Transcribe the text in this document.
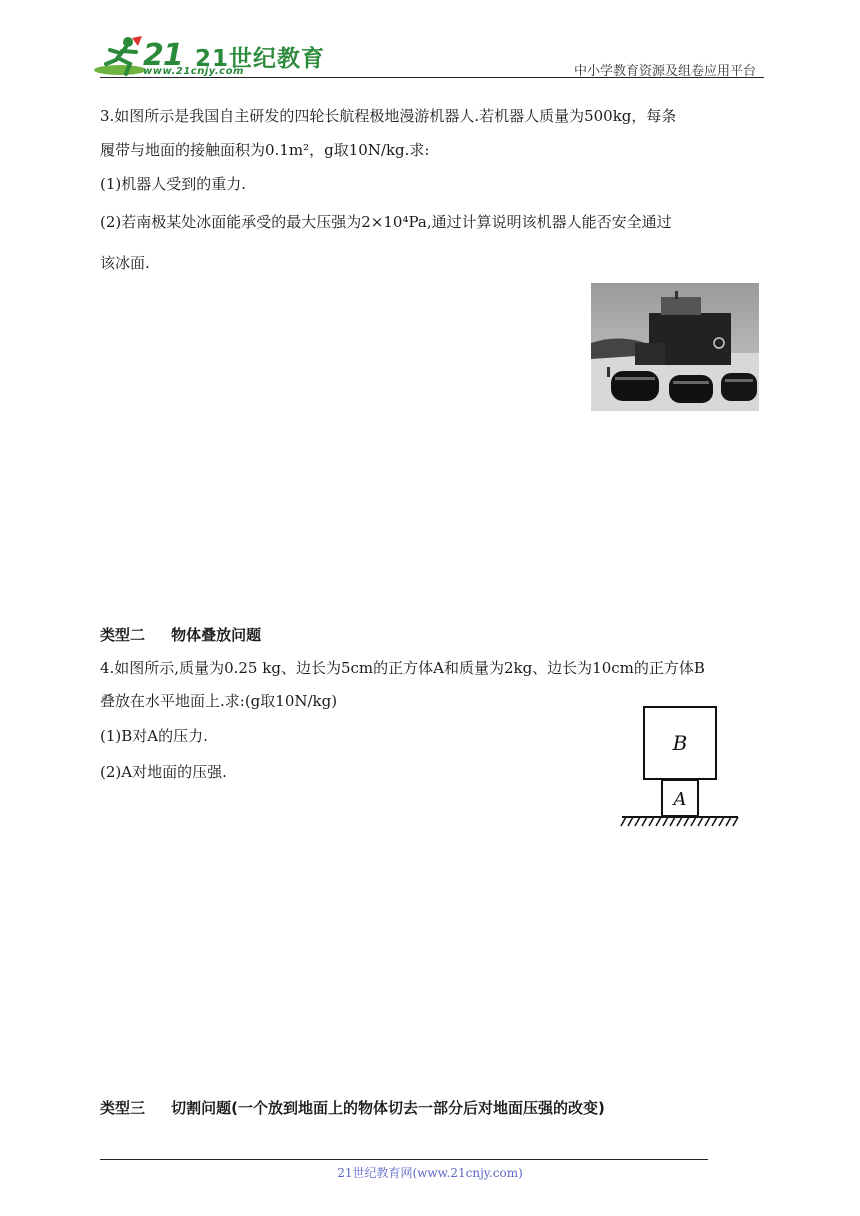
21 21世纪教育
www.21cnjy.com	中小学教育资源及组卷应用平台
3.如图所示是我国自主研发的四轮长航程极地漫游机器人.若机器人质量为500kg，每条
履带与地面的接触面积为0.1m²，g取10N/kg.求:
(1)机器人受到的重力.
(2)若南极某处冰面能承受的最大压强为2×10⁴Pa,通过计算说明该机器人能否安全通过
该冰面.
类型二 物体叠放问题
4.如图所示,质量为0.25 kg、边长为5cm的正方体A和质量为2kg、边长为10cm的正方体B
叠放在水平地面上.求:(g取10N/kg)
(1)B对A的压力.
(2)A对地面的压强.
B
A
类型三 切割问题(一个放到地面上的物体切去一部分后对地面压强的改变)
21世纪教育网(www.21cnjy.com)
